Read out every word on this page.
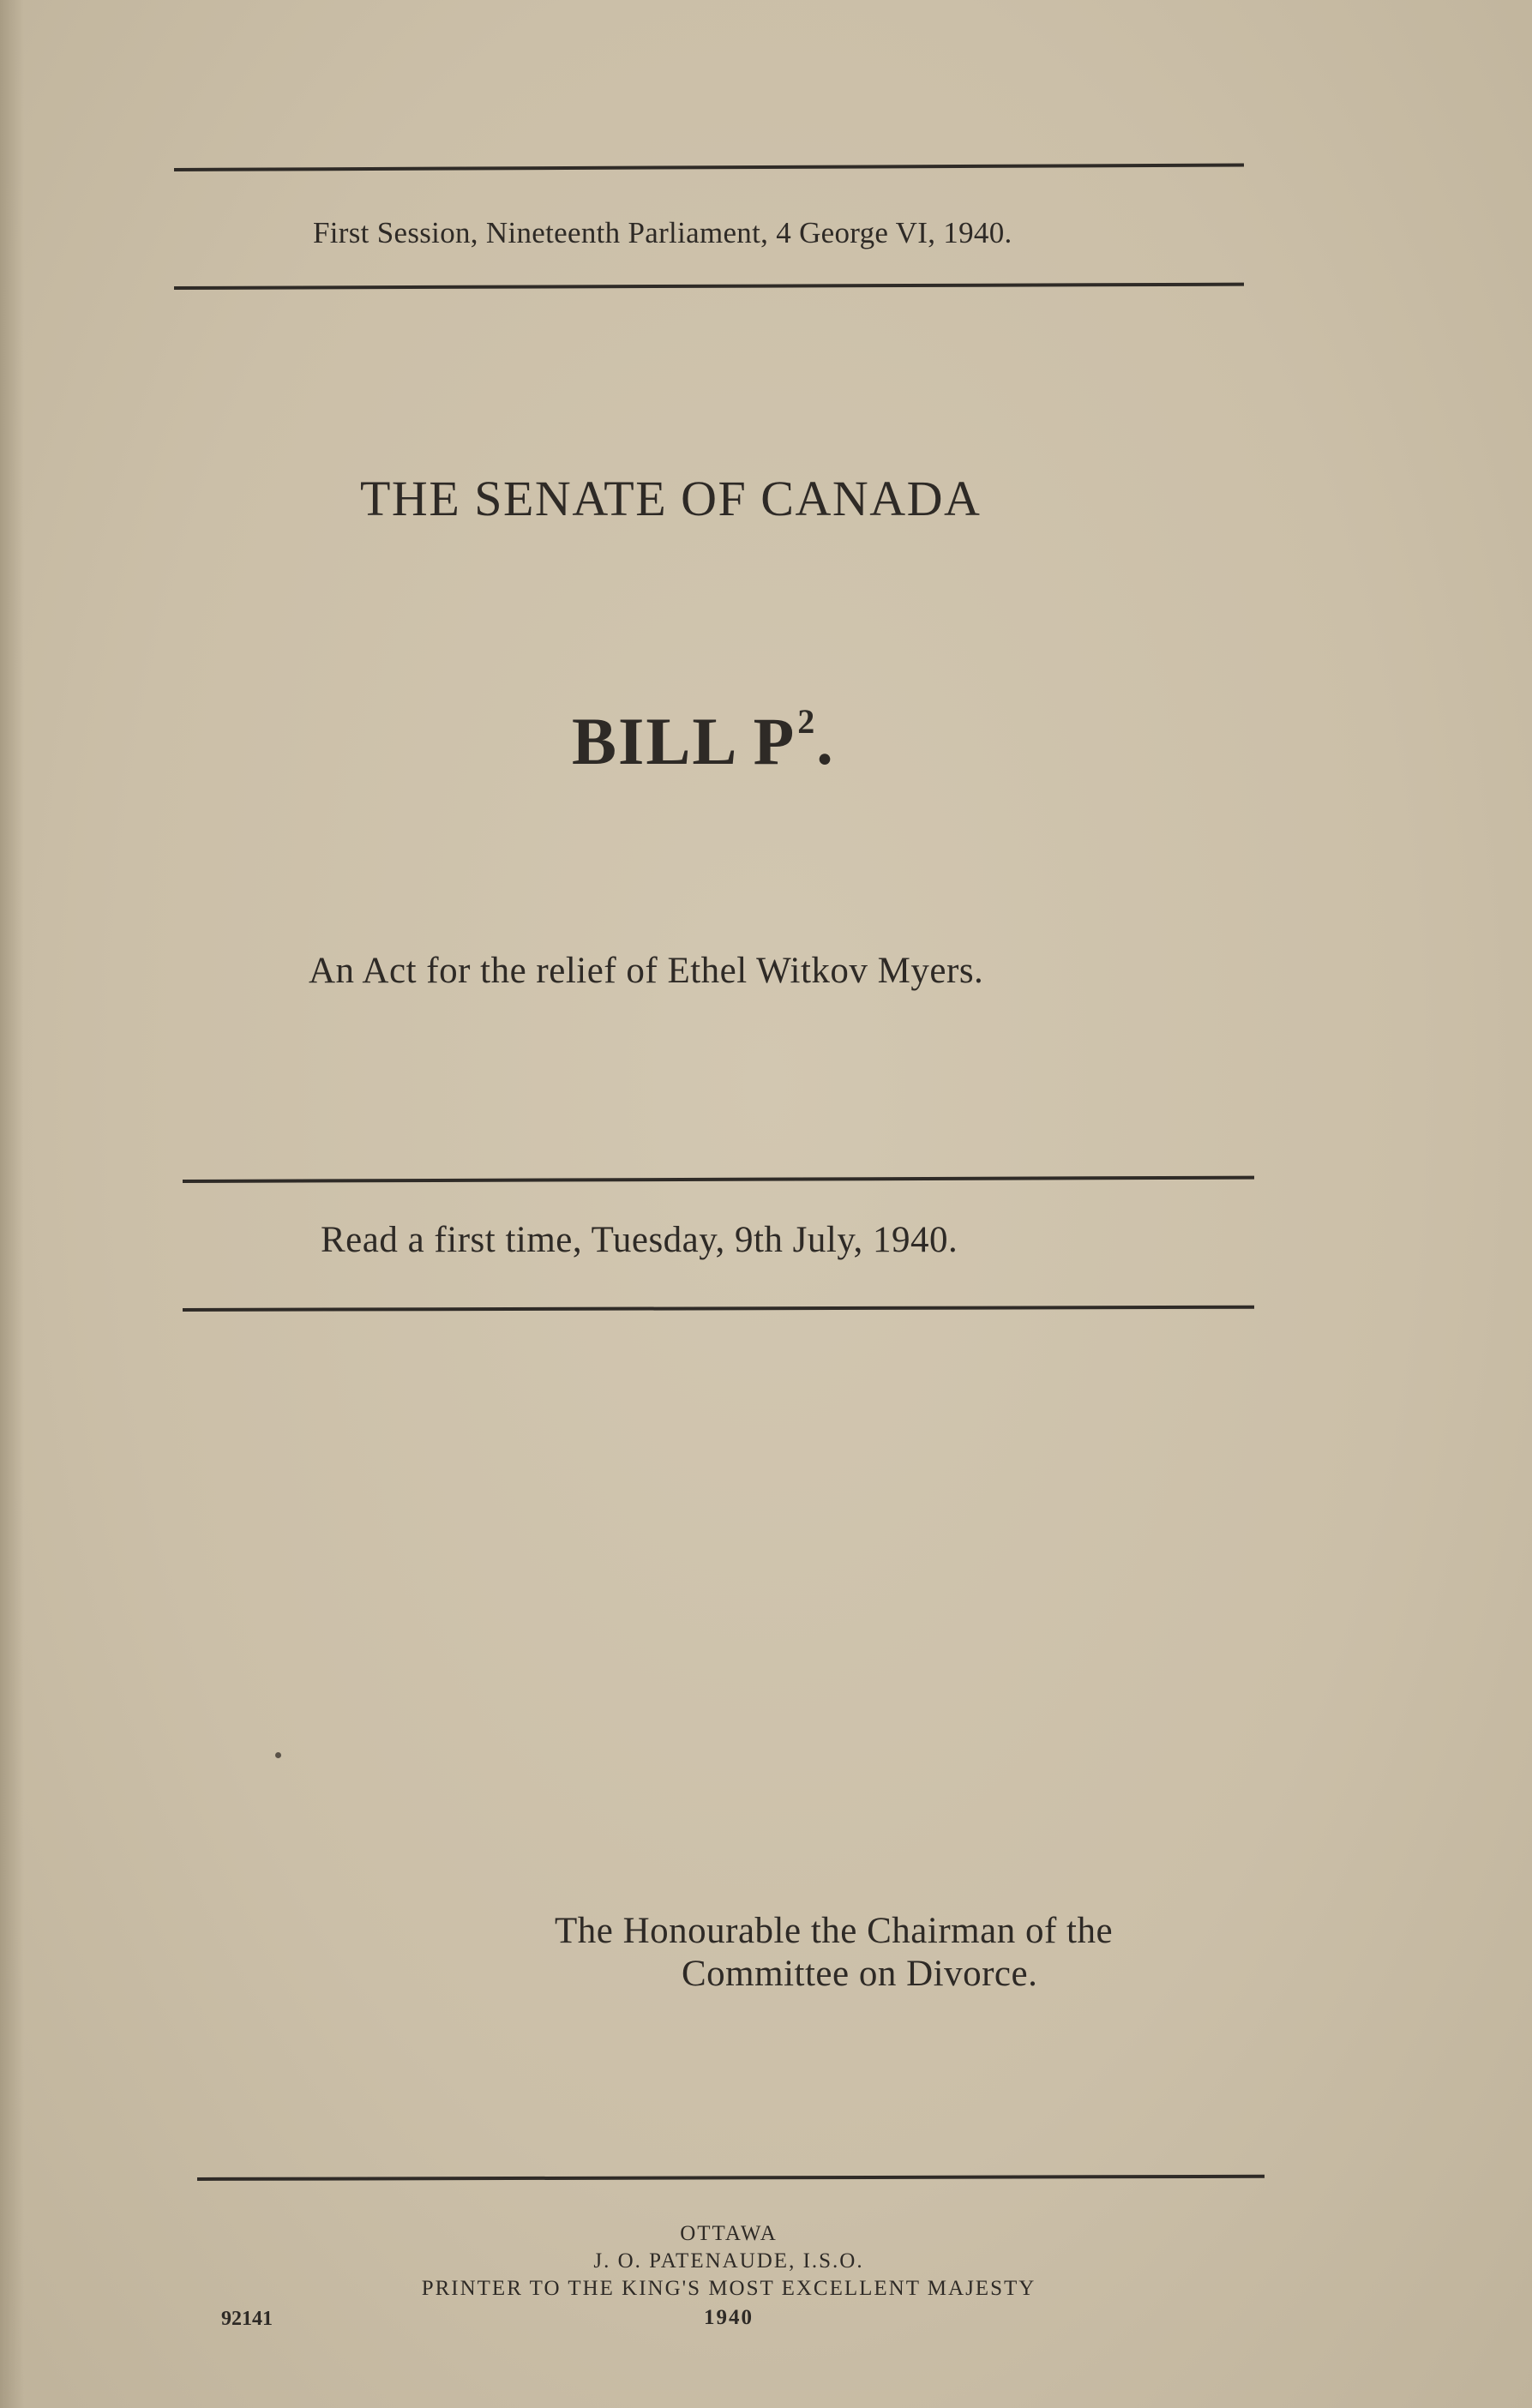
First Session, Nineteenth Parliament, 4 George VI, 1940.
THE SENATE OF CANADA
BILL $P^2$.
An Act for the relief of Ethel Witkov Myers.
Read a first time, Tuesday, 9th July, 1940.
The Honourable the Chairman of the
Committee on Divorce.
OTTAWA
J. O. PATENAUDE, I.S.O.
PRINTER TO THE KING'S MOST EXCELLENT MAJESTY
1940
92141
